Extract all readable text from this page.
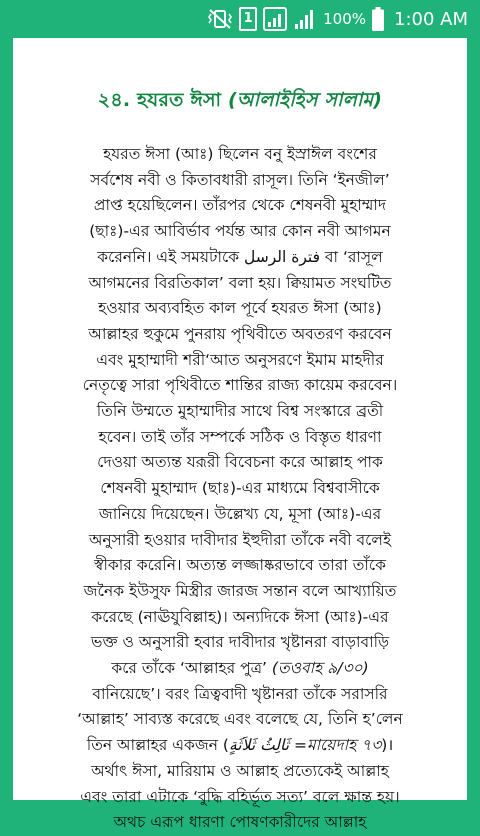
1	100% 1:00 AM
২৪. হযরত ঈসা (আলাইহিস সালাম)
হযরত ঈসা (আঃ) ছিলেন বনু ইস্রাঈল বংশের
সর্বশেষ নবী ও কিতাবধারী রাসূল। তিনি ‘ইনজীল’
প্রাপ্ত হয়েছিলেন। তাঁরপর থেকে শেষনবী মুহাম্মাদ
(ছাঃ)-এর আবির্ভাব পর্যন্ত আর কোন নবী আগমন
করেননি। এই সময়টাকে فترة الرسل বা ‘রাসূল
আগমনের বিরতিকাল’ বলা হয়। ক্বিয়ামত সংঘটিত
হওয়ার অব্যবহিত কাল পূর্বে হযরত ঈসা (আঃ)
আল্লাহর হুকুমে পুনরায় পৃথিবীতে অবতরণ করবেন
এবং মুহাম্মাদী শরী‘আত অনুসরণে ইমাম মাহদীর
নেতৃত্বে সারা পৃথিবীতে শান্তির রাজ্য কায়েম করবেন।
তিনি উম্মতে মুহাম্মাদীর সাথে বিশ্ব সংস্কারে ব্রতী
হবেন। তাই তাঁর সম্পর্কে সঠিক ও বিস্তৃত ধারণা
দেওয়া অত্যন্ত যরূরী বিবেচনা করে আল্লাহ পাক
শেষনবী মুহাম্মাদ (ছাঃ)-এর মাধ্যমে বিশ্ববাসীকে
জানিয়ে দিয়েছেন। উল্লেখ্য যে, মূসা (আঃ)-এর
অনুসারী হওয়ার দাবীদার ইহুদীরা তাঁকে নবী বলেই
স্বীকার করেনি। অত্যন্ত লজ্জাষ্করভাবে তারা তাঁকে
জনৈক ইউসুফ মিস্ত্রীর জারজ সন্তান বলে আখ্যায়িত
করেছে (নাঊযুবিল্লাহ)। অন্যদিকে ঈসা (আঃ)-এর
ভক্ত ও অনুসারী হবার দাবীদার খৃষ্টানরা বাড়াবাড়ি
করে তাঁকে ‘আল্লাহর পুত্র’ (তওবাহ ৯/৩০)
বানিয়েছে’। বরং ত্রিত্ববাদী খৃষ্টানরা তাঁকে সরাসরি
‘আল্লাহ’ সাব্যস্ত করেছে এবং বলেছে যে, তিনি হ’লেন
তিন আল্লাহর একজন (ثَالِثُ ثَلاَثَةٍ =মায়েদাহ ৭৩)।
অর্থাৎ ঈসা, মারিয়াম ও আল্লাহ প্রত্যেকেই আল্লাহ
এবং তারা এটাকে ‘বুদ্ধি বহির্ভূত সত্য’ বলে ক্ষান্ত হয়।
অথচ এরূপ ধারণা পোষণকারীদের আল্লাহ
